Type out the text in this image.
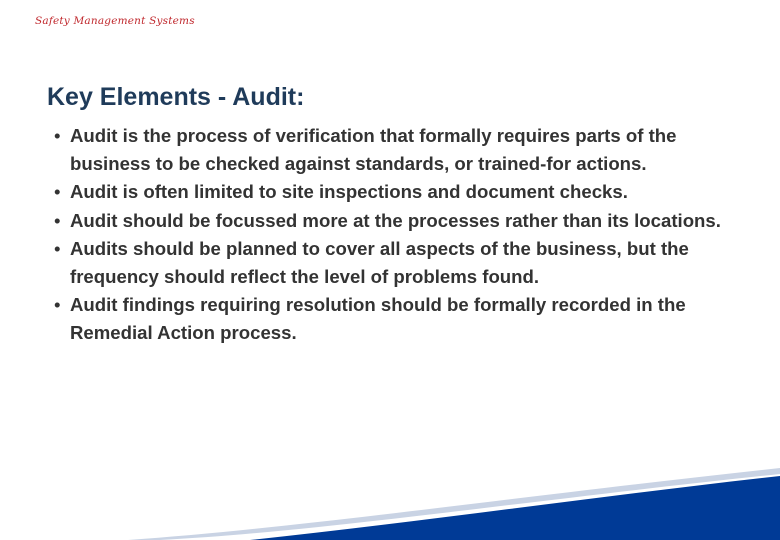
Safety Management Systems
Key Elements - Audit:
• Audit is the process of verification that formally requires parts of the business to be checked against standards, or trained-for actions.
• Audit is often limited to site inspections and document checks.
• Audit should be focussed more at the processes rather than its locations.
• Audits should be planned to cover all aspects of the business, but the frequency should reflect the level of problems found.
• Audit findings requiring resolution should be formally recorded in the Remedial Action process.
